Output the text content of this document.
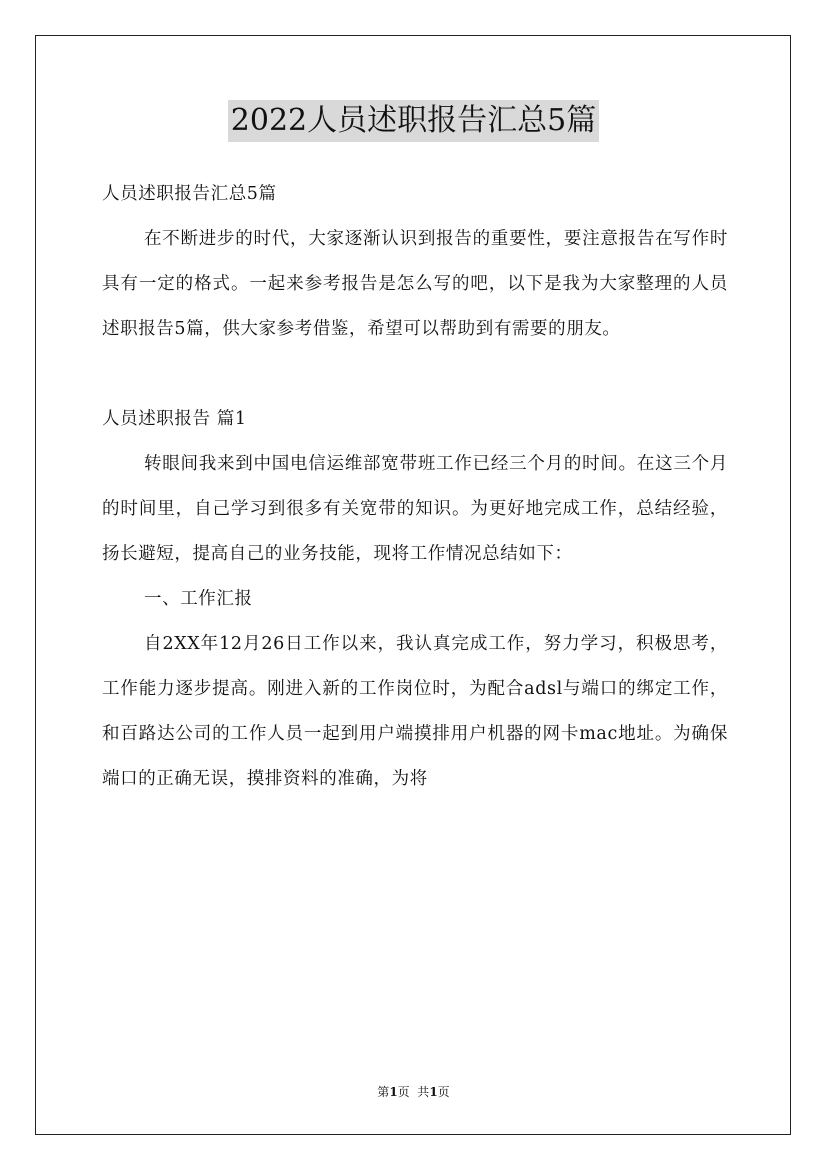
2022人员述职报告汇总5篇

人员述职报告汇总5篇

在不断进步的时代，大家逐渐认识到报告的重要性，要注意报告在写作时具有一定的格式。一起来参考报告是怎么写的吧，以下是我为大家整理的人员述职报告5篇，供大家参考借鉴，希望可以帮助到有需要的朋友。

人员述职报告 篇1

转眼间我来到中国电信运维部宽带班工作已经三个月的时间。在这三个月的时间里，自己学习到很多有关宽带的知识。为更好地完成工作，总结经验，扬长避短，提高自己的业务技能，现将工作情况总结如下：

一、工作汇报

自2XX年12月26日工作以来，我认真完成工作，努力学习，积极思考，工作能力逐步提高。刚进入新的工作岗位时，为配合adsl与端口的绑定工作，和百路达公司的工作人员一起到用户端摸排用户机器的网卡mac地址。为确保端口的正确无误，摸排资料的准确，为将

第1页  共1页
